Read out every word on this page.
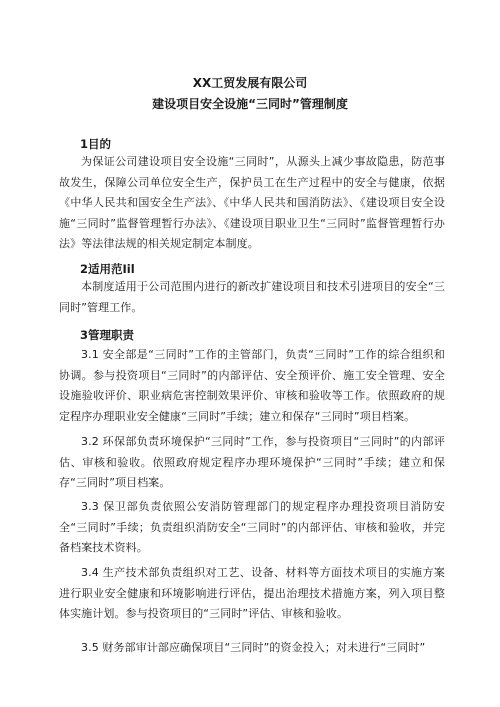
XX工贸发展有限公司
建设项目安全设施“三同时”管理制度
1目的

为保证公司建设项目安全设施“三同时”，从源头上减少事故隐患，防范事故发生，保障公司单位安全生产，保护员工在生产过程中的安全与健康，依据《中华人民共和国安全生产法》、《中华人民共和国消防法》、《建设项目安全设施“三同时”监督管理暂行办法》、《建设项目职业卫生“三同时”监督管理暂行办法》等法律法规的相关规定制定本制度。

2适用范Iil

本制度适用于公司范围内进行的新改扩建设项目和技术引进项目的安全“三同时”管理工作。

3管理职责

3.1 安全部是“三同时”工作的主管部门，负责“三同时”工作的综合组织和协调。参与投资项目“三同时”的内部评估、安全预评价、施工安全管理、安全设施验收评价、职业病危害控制效果评价、审核和验收等工作。依照政府的规定程序办理职业安全健康“三同时”手续；建立和保存“三同时”项目档案。

3.2 环保部负责环境保护“三同时”工作，参与投资项目“三同时”的内部评估、审核和验收。依照政府规定程序办理环境保护“三同时”手续；建立和保存“三同时”项目档案。

3.3 保卫部负责依照公安消防管理部门的规定程序办理投资项目消防安全“三同时”手续；负责组织消防安全“三同时”的内部评估、审核和验收，并完备档案技术资料。

3.4 生产技术部负责组织对工艺、设备、材料等方面技术项目的实施方案进行职业安全健康和环境影响进行评估，提出治理技术措施方案，列入项目整体实施计划。参与投资项目的“三同时”评估、审核和验收。

3.5 财务部审计部应确保项目“三同时”的资金投入；对未进行“三同时”
